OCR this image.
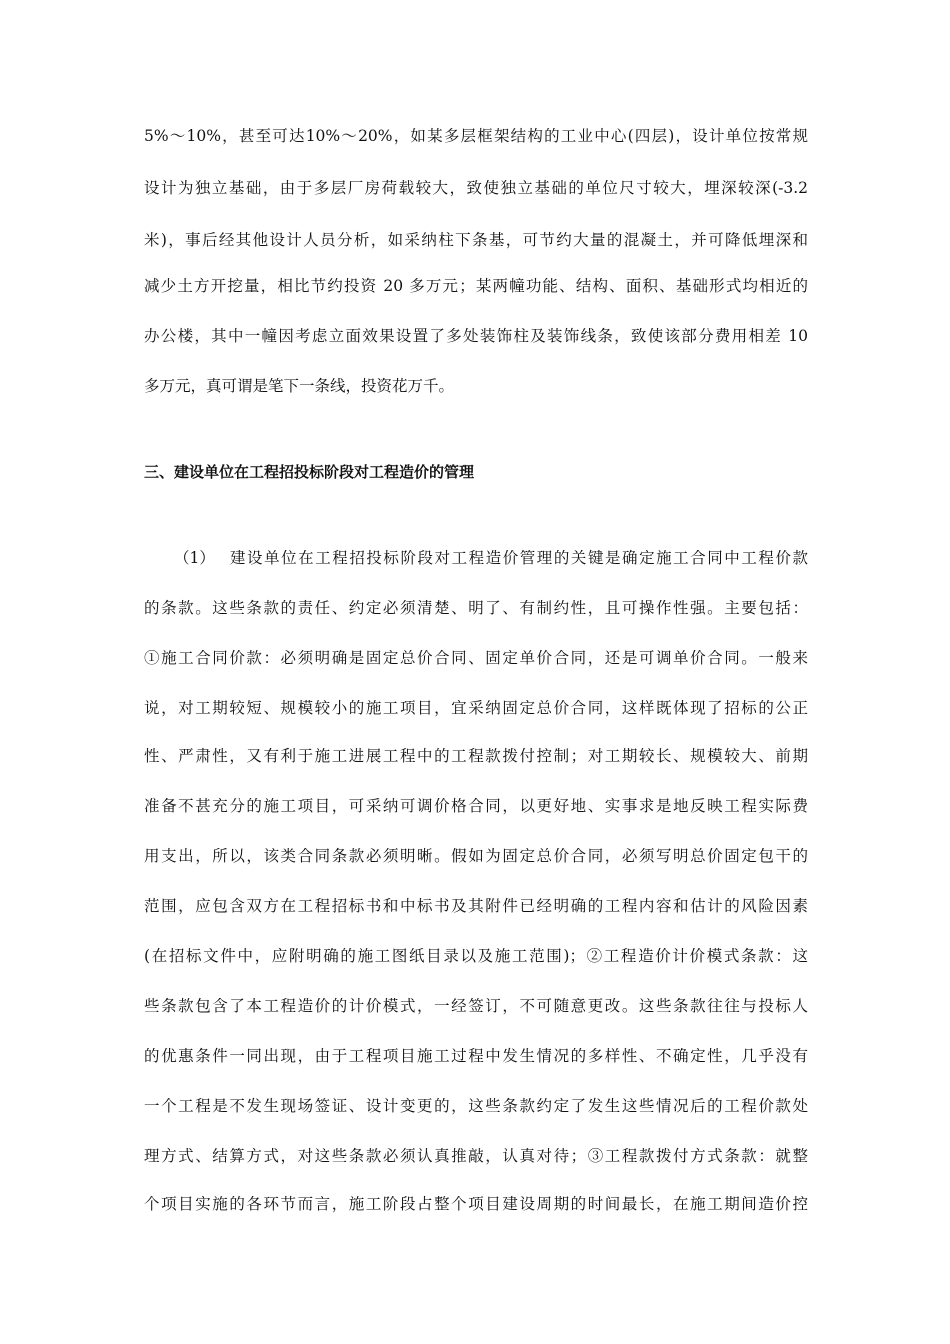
5%～10%，甚至可达10%～20%，如某多层框架结构的工业中心(四层)，设计单位按常规
设计为独立基础，由于多层厂房荷载较大，致使独立基础的单位尺寸较大，埋深较深(-3.2
米)，事后经其他设计人员分析，如采纳柱下条基，可节约大量的混凝土，并可降低埋深和
减少土方开挖量，相比节约投资 20 多万元；某两幢功能、结构、面积、基础形式均相近的
办公楼，其中一幢因考虑立面效果设置了多处装饰柱及装饰线条，致使该部分费用相差 10
多万元，真可谓是笔下一条线，投资花万千。
三、建设单位在工程招投标阶段对工程造价的管理
（1） 建设单位在工程招投标阶段对工程造价管理的关键是确定施工合同中工程价款
的条款。这些条款的责任、约定必须清楚、明了、有制约性，且可操作性强。主要包括：
①施工合同价款：必须明确是固定总价合同、固定单价合同，还是可调单价合同。一般来
说，对工期较短、规模较小的施工项目，宜采纳固定总价合同，这样既体现了招标的公正
性、严肃性，又有利于施工进展工程中的工程款拨付控制；对工期较长、规模较大、前期
准备不甚充分的施工项目，可采纳可调价格合同，以更好地、实事求是地反映工程实际费
用支出，所以，该类合同条款必须明晰。假如为固定总价合同，必须写明总价固定包干的
范围，应包含双方在工程招标书和中标书及其附件已经明确的工程内容和估计的风险因素
(在招标文件中，应附明确的施工图纸目录以及施工范围)；②工程造价计价模式条款：这
些条款包含了本工程造价的计价模式，一经签订，不可随意更改。这些条款往往与投标人
的优惠条件一同出现，由于工程项目施工过程中发生情况的多样性、不确定性，几乎没有
一个工程是不发生现场签证、设计变更的，这些条款约定了发生这些情况后的工程价款处
理方式、结算方式，对这些条款必须认真推敲，认真对待；③工程款拨付方式条款：就整
个项目实施的各环节而言，施工阶段占整个项目建设周期的时间最长，在施工期间造价控
